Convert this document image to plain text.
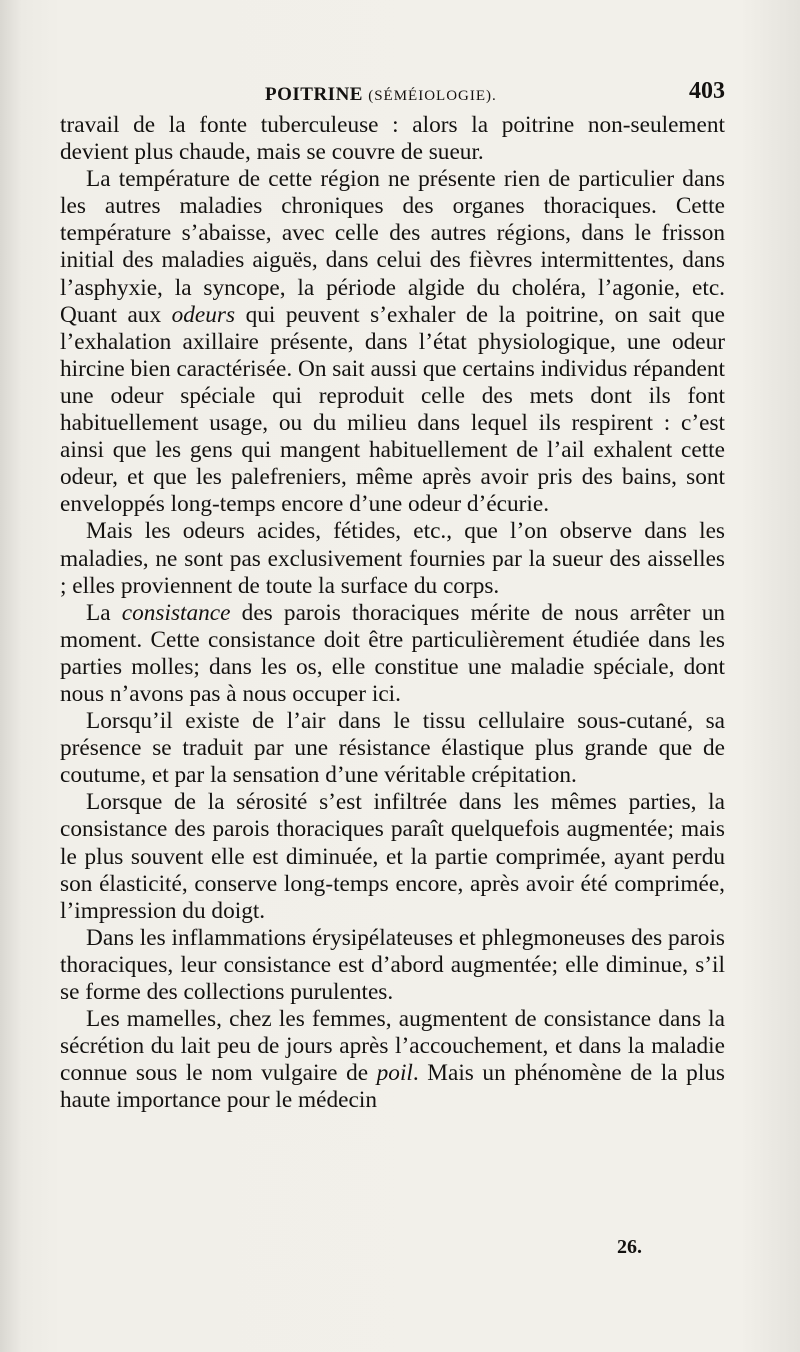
POITRINE (SÉMÉIOLOGIE).	403

travail de la fonte tuberculeuse : alors la poitrine non-seulement devient plus chaude, mais se couvre de sueur.

La température de cette région ne présente rien de particulier dans les autres maladies chroniques des organes thoraciques. Cette température s’abaisse, avec celle des autres régions, dans le frisson initial des maladies aiguës, dans celui des fièvres intermittentes, dans l’asphyxie, la syncope, la période algide du choléra, l’agonie, etc. Quant aux odeurs qui peuvent s’exhaler de la poitrine, on sait que l’exhalation axillaire présente, dans l’état physiologique, une odeur hircine bien caractérisée. On sait aussi que certains individus répandent une odeur spéciale qui reproduit celle des mets dont ils font habituellement usage, ou du milieu dans lequel ils respirent : c’est ainsi que les gens qui mangent habituellement de l’ail exhalent cette odeur, et que les palefreniers, même après avoir pris des bains, sont enveloppés long-temps encore d’une odeur d’écurie.

Mais les odeurs acides, fétides, etc., que l’on observe dans les maladies, ne sont pas exclusivement fournies par la sueur des aisselles ; elles proviennent de toute la surface du corps.

La consistance des parois thoraciques mérite de nous arrêter un moment. Cette consistance doit être particulièrement étudiée dans les parties molles; dans les os, elle constitue une maladie spéciale, dont nous n’avons pas à nous occuper ici.

Lorsqu’il existe de l’air dans le tissu cellulaire sous-cutané, sa présence se traduit par une résistance élastique plus grande que de coutume, et par la sensation d’une véritable crépitation.

Lorsque de la sérosité s’est infiltrée dans les mêmes parties, la consistance des parois thoraciques paraît quelquefois augmentée; mais le plus souvent elle est diminuée, et la partie comprimée, ayant perdu son élasticité, conserve long-temps encore, après avoir été comprimée, l’impression du doigt.

Dans les inflammations érysipélateuses et phlegmoneuses des parois thoraciques, leur consistance est d’abord augmentée; elle diminue, s’il se forme des collections purulentes.

Les mamelles, chez les femmes, augmentent de consistance dans la sécrétion du lait peu de jours après l’accouchement, et dans la maladie connue sous le nom vulgaire de poil. Mais un phénomène de la plus haute importance pour le médecin

26.
